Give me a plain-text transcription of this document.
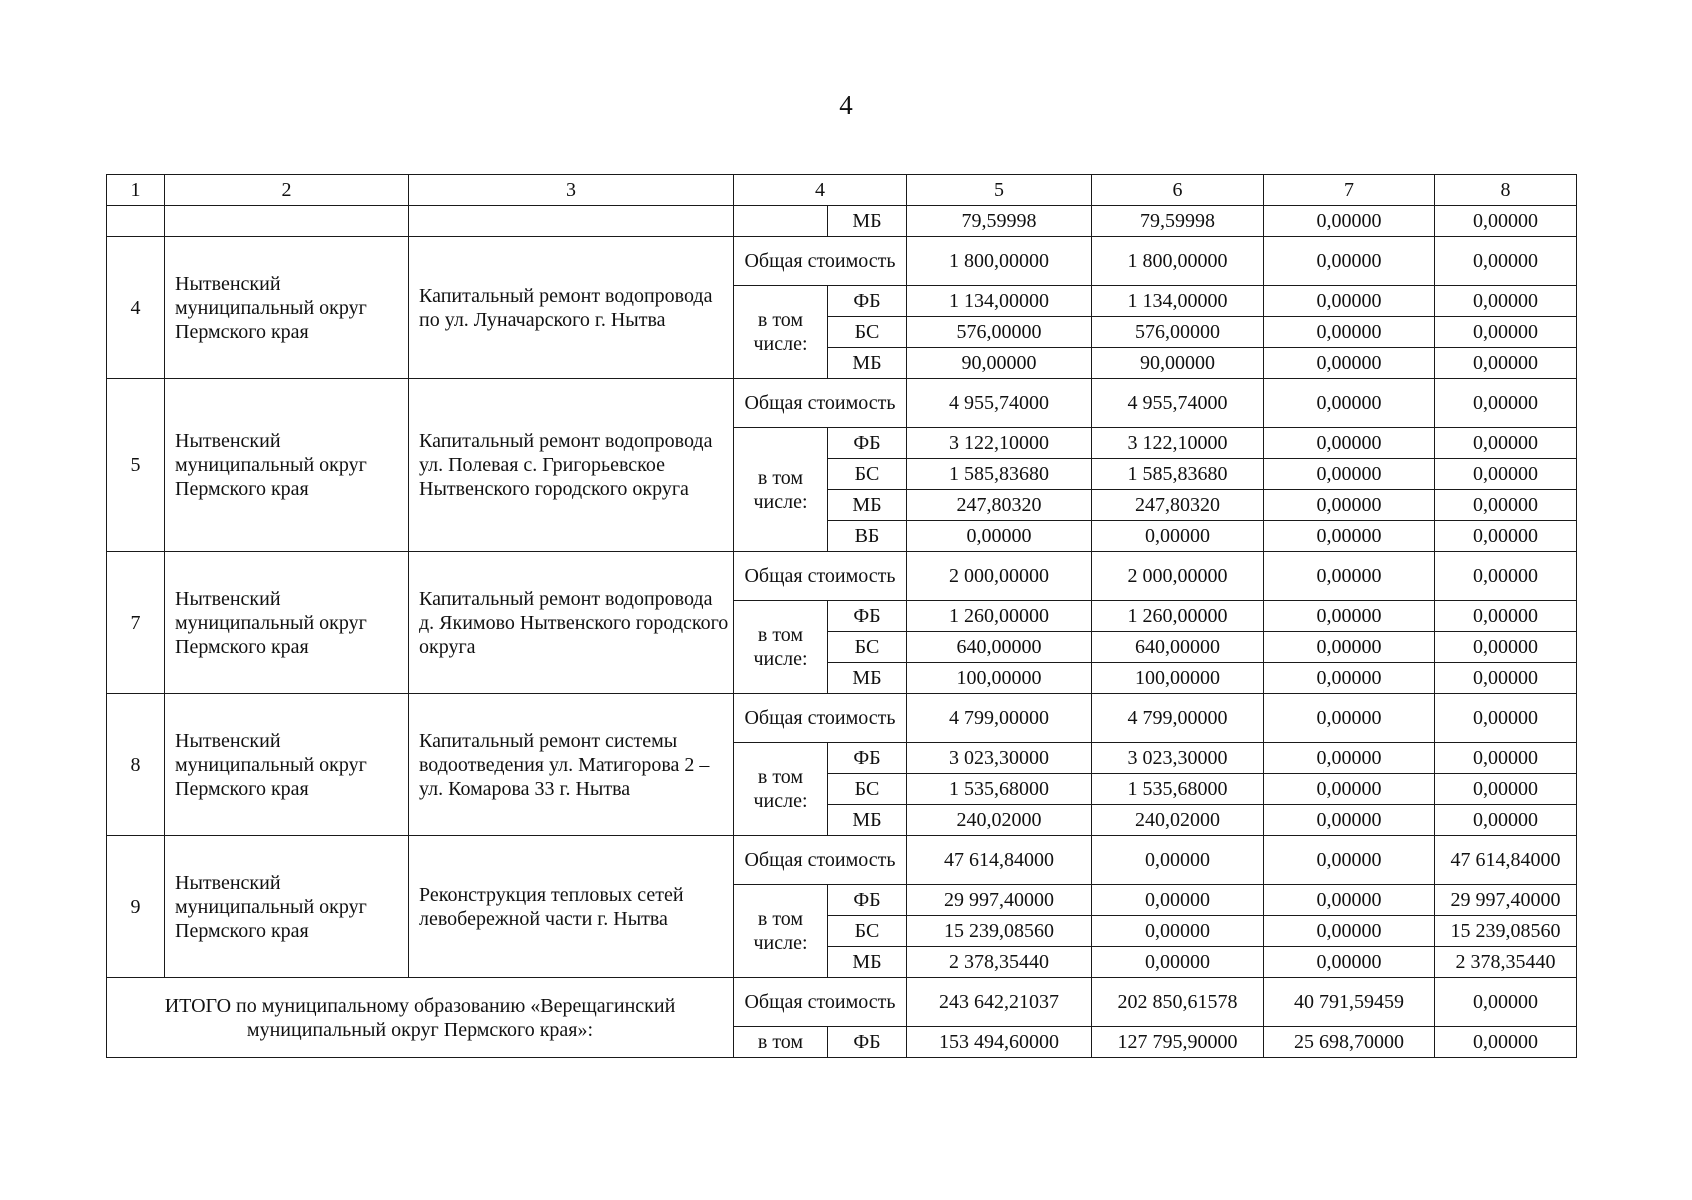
4
1	2	3	4		5	6	7	8
				МБ	79,59998	79,59998	0,00000	0,00000
4	Нытвенский муниципальный округ Пермского края	Капитальный ремонт водопровода по ул. Луначарского г. Нытва	Общая стоимость		1 800,00000	1 800,00000	0,00000	0,00000
			в том числе:	ФБ	1 134,00000	1 134,00000	0,00000	0,00000
				БС	576,00000	576,00000	0,00000	0,00000
				МБ	90,00000	90,00000	0,00000	0,00000
5	Нытвенский муниципальный округ Пермского края	Капитальный ремонт водопровода ул. Полевая с. Григорьевское Нытвенского городского округа	Общая стоимость		4 955,74000	4 955,74000	0,00000	0,00000
			в том числе:	ФБ	3 122,10000	3 122,10000	0,00000	0,00000
				БС	1 585,83680	1 585,83680	0,00000	0,00000
				МБ	247,80320	247,80320	0,00000	0,00000
				ВБ	0,00000	0,00000	0,00000	0,00000
7	Нытвенский муниципальный округ Пермского края	Капитальный ремонт водопровода д. Якимово Нытвенского городского округа	Общая стоимость		2 000,00000	2 000,00000	0,00000	0,00000
			в том числе:	ФБ	1 260,00000	1 260,00000	0,00000	0,00000
				БС	640,00000	640,00000	0,00000	0,00000
				МБ	100,00000	100,00000	0,00000	0,00000
8	Нытвенский муниципальный округ Пермского края	Капитальный ремонт системы водоотведения ул. Матигорова 2 – ул. Комарова 33 г. Нытва	Общая стоимость		4 799,00000	4 799,00000	0,00000	0,00000
			в том числе:	ФБ	3 023,30000	3 023,30000	0,00000	0,00000
				БС	1 535,68000	1 535,68000	0,00000	0,00000
				МБ	240,02000	240,02000	0,00000	0,00000
9	Нытвенский муниципальный округ Пермского края	Реконструкция тепловых сетей левобережной части г. Нытва	Общая стоимость		47 614,84000	0,00000	0,00000	47 614,84000
			в том числе:	ФБ	29 997,40000	0,00000	0,00000	29 997,40000
				БС	15 239,08560	0,00000	0,00000	15 239,08560
				МБ	2 378,35440	0,00000	0,00000	2 378,35440
ИТОГО по муниципальному образованию «Верещагинский муниципальный округ Пермского края»:			Общая стоимость		243 642,21037	202 850,61578	40 791,59459	0,00000
			в том	ФБ	153 494,60000	127 795,90000	25 698,70000	0,00000
